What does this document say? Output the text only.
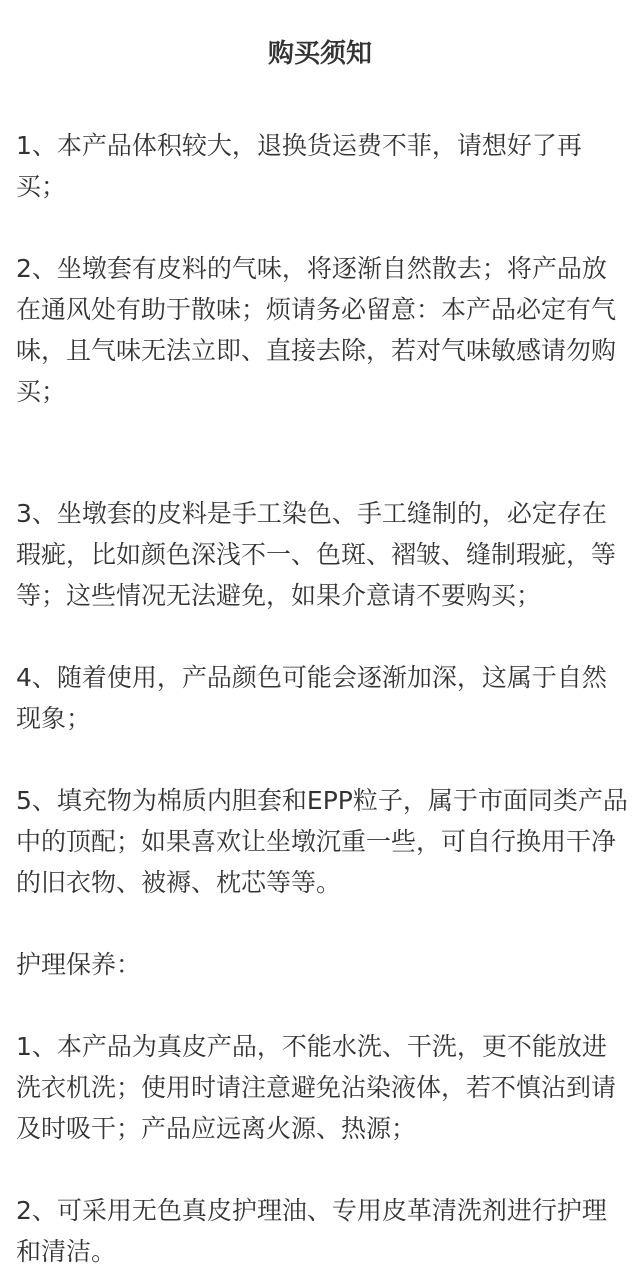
购买须知

1、本产品体积较大，退换货运费不菲，请想好了再买；

2、坐墩套有皮料的气味，将逐渐自然散去；将产品放在通风处有助于散味；烦请务必留意：本产品必定有气味，且气味无法立即、直接去除，若对气味敏感请勿购买；

3、坐墩套的皮料是手工染色、手工缝制的，必定存在瑕疵，比如颜色深浅不一、色斑、褶皱、缝制瑕疵，等等；这些情况无法避免，如果介意请不要购买；

4、随着使用，产品颜色可能会逐渐加深，这属于自然现象；

5、填充物为棉质内胆套和EPP粒子，属于市面同类产品中的顶配；如果喜欢让坐墩沉重一些，可自行换用干净的旧衣物、被褥、枕芯等等。

护理保养：

1、本产品为真皮产品，不能水洗、干洗，更不能放进洗衣机洗；使用时请注意避免沾染液体，若不慎沾到请及时吸干；产品应远离火源、热源；

2、可采用无色真皮护理油、专用皮革清洗剂进行护理和清洁。
